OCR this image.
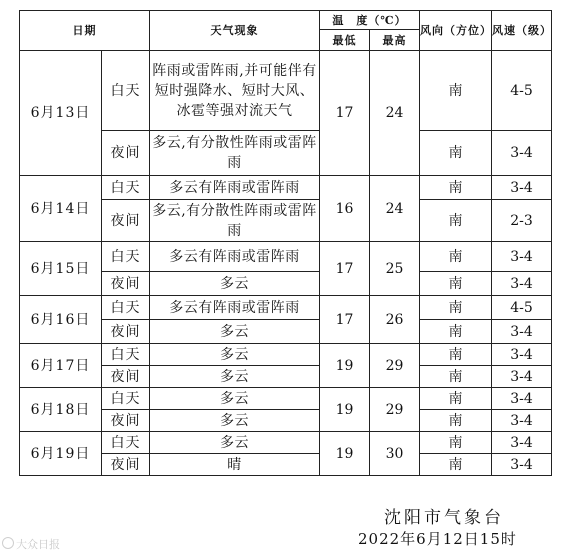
日期		天气现象	温　度（℃）		风向（方位）	风速（级）
			最低	最高		
6月13日	白天	阵雨或雷阵雨,并可能伴有短时强降水、短时大风、冰雹等强对流天气	17	24	南	4-5
	夜间	多云,有分散性阵雨或雷阵雨			南	3-4
6月14日	白天	多云有阵雨或雷阵雨	16	24	南	3-4
	夜间	多云,有分散性阵雨或雷阵雨			南	2-3
6月15日	白天	多云有阵雨或雷阵雨	17	25	南	3-4
	夜间	多云			南	3-4
6月16日	白天	多云有阵雨或雷阵雨	17	26	南	4-5
	夜间	多云			南	3-4
6月17日	白天	多云	19	29	南	3-4
	夜间	多云			南	3-4
6月18日	白天	多云	19	29	南	3-4
	夜间	多云			南	3-4
6月19日	白天	多云	19	30	南	3-4
	夜间	晴			南	3-4
沈阳市气象台
2022年6月12日15时
大众日报
